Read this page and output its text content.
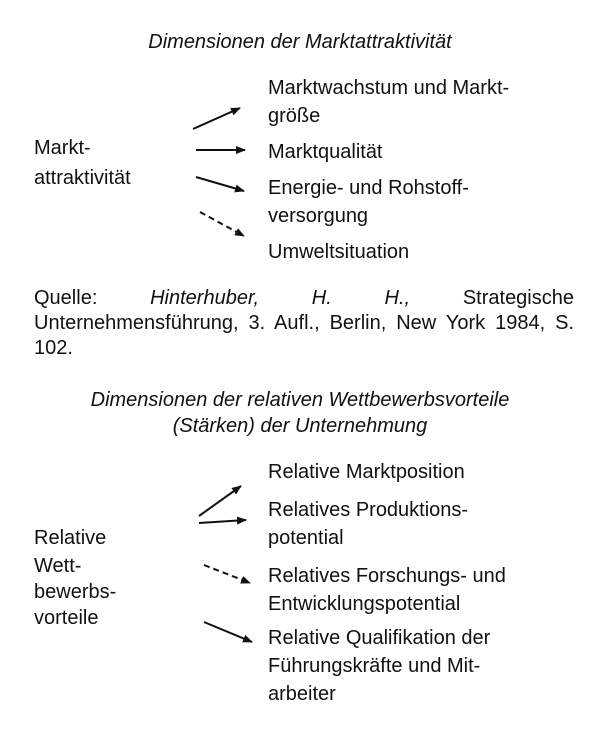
Dimensionen der Marktattraktivität
Markt-
attraktivität
Marktwachstum und Markt-
größe
Marktqualität
Energie- und Rohstoff-
versorgung
Umweltsituation
Quelle: Hinterhuber, H. H., Strategische Unternehmensführung, 3. Aufl., Berlin, New York 1984, S. 102.
Dimensionen der relativen Wettbewerbsvorteile
(Stärken) der Unternehmung
Relative
Wett-
bewerbs-
vorteile
Relative Marktposition
Relatives Produktions-
potential
Relatives Forschungs- und
Entwicklungspotential
Relative Qualifikation der
Führungskräfte und Mit-
arbeiter
